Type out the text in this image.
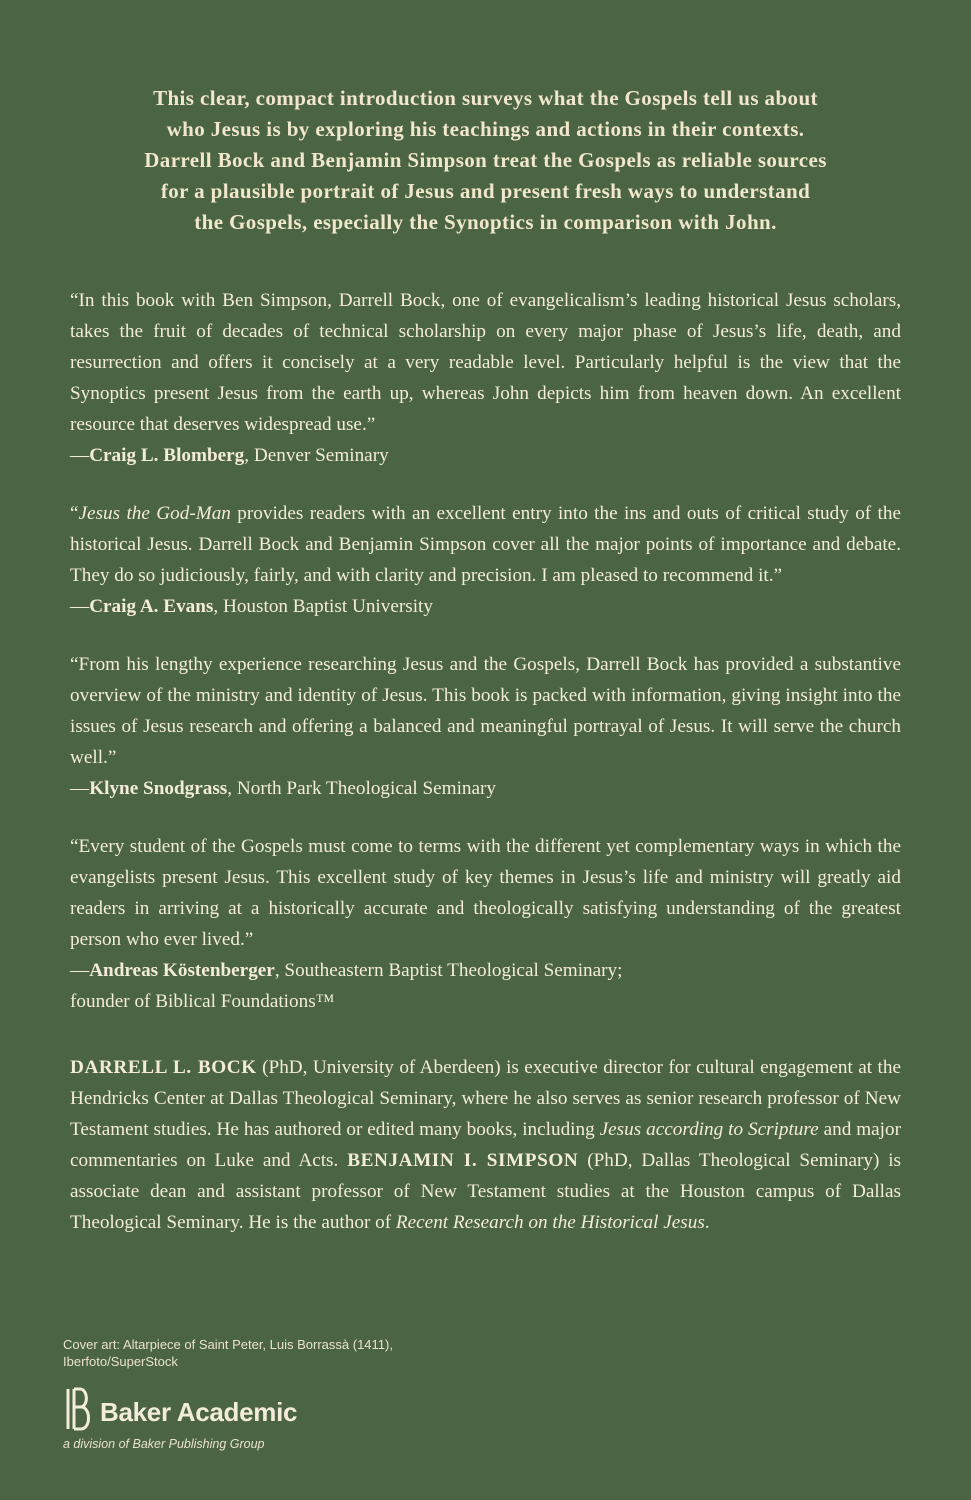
This clear, compact introduction surveys what the Gospels tell us about
who Jesus is by exploring his teachings and actions in their contexts.
Darrell Bock and Benjamin Simpson treat the Gospels as reliable sources
for a plausible portrait of Jesus and present fresh ways to understand
the Gospels, especially the Synoptics in comparison with John.

“In this book with Ben Simpson, Darrell Bock, one of evangelicalism’s leading historical Jesus scholars, takes the fruit of decades of technical scholarship on every major phase of Jesus’s life, death, and resurrection and offers it concisely at a very readable level. Particularly helpful is the view that the Synoptics present Jesus from the earth up, whereas John depicts him from heaven down. An excellent resource that deserves widespread use.”

—Craig L. Blomberg, Denver Seminary

“Jesus the God-Man provides readers with an excellent entry into the ins and outs of critical study of the historical Jesus. Darrell Bock and Benjamin Simpson cover all the major points of importance and debate. They do so judiciously, fairly, and with clarity and precision. I am pleased to recommend it.”

—Craig A. Evans, Houston Baptist University

“From his lengthy experience researching Jesus and the Gospels, Darrell Bock has provided a substantive overview of the ministry and identity of Jesus. This book is packed with information, giving insight into the issues of Jesus research and offering a balanced and meaningful portrayal of Jesus. It will serve the church well.”

—Klyne Snodgrass, North Park Theological Seminary

“Every student of the Gospels must come to terms with the different yet complementary ways in which the evangelists present Jesus. This excellent study of key themes in Jesus’s life and ministry will greatly aid readers in arriving at a historically accurate and theologically satisfying understanding of the greatest person who ever lived.”

—Andreas Köstenberger, Southeastern Baptist Theological Seminary;

founder of Biblical Foundations™

DARRELL L. BOCK (PhD, University of Aberdeen) is executive director for cultural engagement at the Hendricks Center at Dallas Theological Seminary, where he also serves as senior research professor of New Testament studies. He has authored or edited many books, including Jesus according to Scripture and major commentaries on Luke and Acts. BENJAMIN I. SIMPSON (PhD, Dallas Theological Seminary) is associate dean and assistant professor of New Testament studies at the Houston campus of Dallas Theological Seminary. He is the author of Recent Research on the Historical Jesus.

Cover art: Altarpiece of Saint Peter, Luis Borrassà (1411),
Iberfoto/SuperStock
Baker Academic
a division of Baker Publishing Group
